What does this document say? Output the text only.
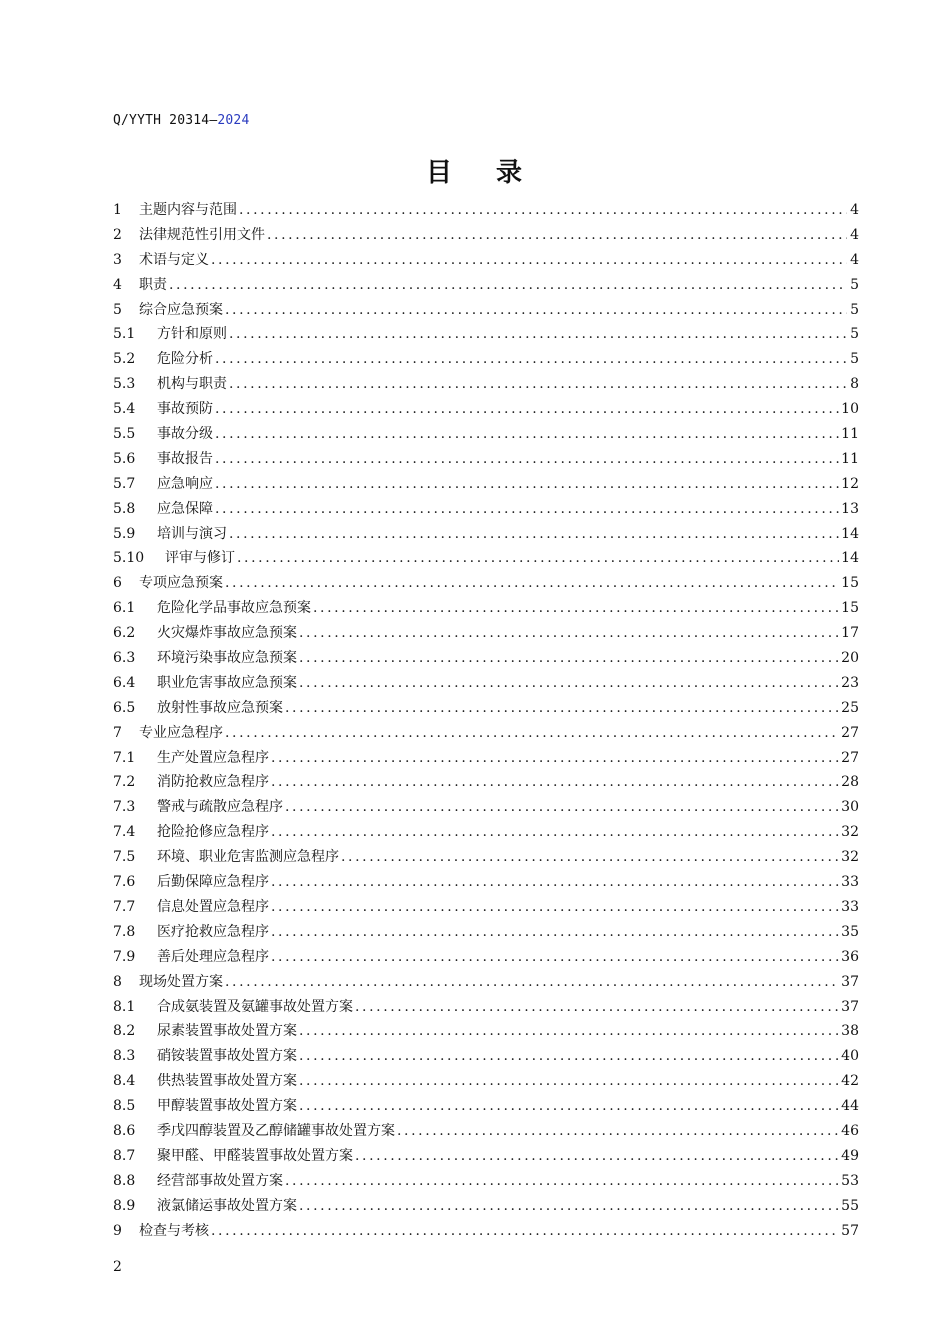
Q/YYTH 20314—2024
目 录
1	主题内容与范围 .....	4
2	法律规范性引用文件 .....	4
3	术语与定义 .....	4
4	职责 .....	5
5	综合应急预案 .....	5
5.1	方针和原则 .....	5
5.2	危险分析 .....	5
5.3	机构与职责 .....	8
5.4	事故预防 .....	10
5.5	事故分级 .....	11
5.6	事故报告 .....	11
5.7	应急响应 .....	12
5.8	应急保障 .....	13
5.9	培训与演习 .....	14
5.10	评审与修订 .....	14
6	专项应急预案 .....	15
6.1	危险化学品事故应急预案 .....	15
6.2	火灾爆炸事故应急预案 .....	17
6.3	环境污染事故应急预案 .....	20
6.4	职业危害事故应急预案 .....	23
6.5	放射性事故应急预案 .....	25
7	专业应急程序 .....	27
7.1	生产处置应急程序 .....	27
7.2	消防抢救应急程序 .....	28
7.3	警戒与疏散应急程序 .....	30
7.4	抢险抢修应急程序 .....	32
7.5	环境、职业危害监测应急程序 .....	32
7.6	后勤保障应急程序 .....	33
7.7	信息处置应急程序 .....	33
7.8	医疗抢救应急程序 .....	35
7.9	善后处理应急程序 .....	36
8	现场处置方案 .....	37
8.1	合成氨装置及氨罐事故处置方案 .....	37
8.2	尿素装置事故处置方案 .....	38
8.3	硝铵装置事故处置方案 .....	40
8.4	供热装置事故处置方案 .....	42
8.5	甲醇装置事故处置方案 .....	44
8.6	季戊四醇装置及乙醇储罐事故处置方案 .....	46
8.7	聚甲醛、甲醛装置事故处置方案 .....	49
8.8	经营部事故处置方案 .....	53
8.9	液氯储运事故处置方案 .....	55
9	检查与考核 .....	57
2
